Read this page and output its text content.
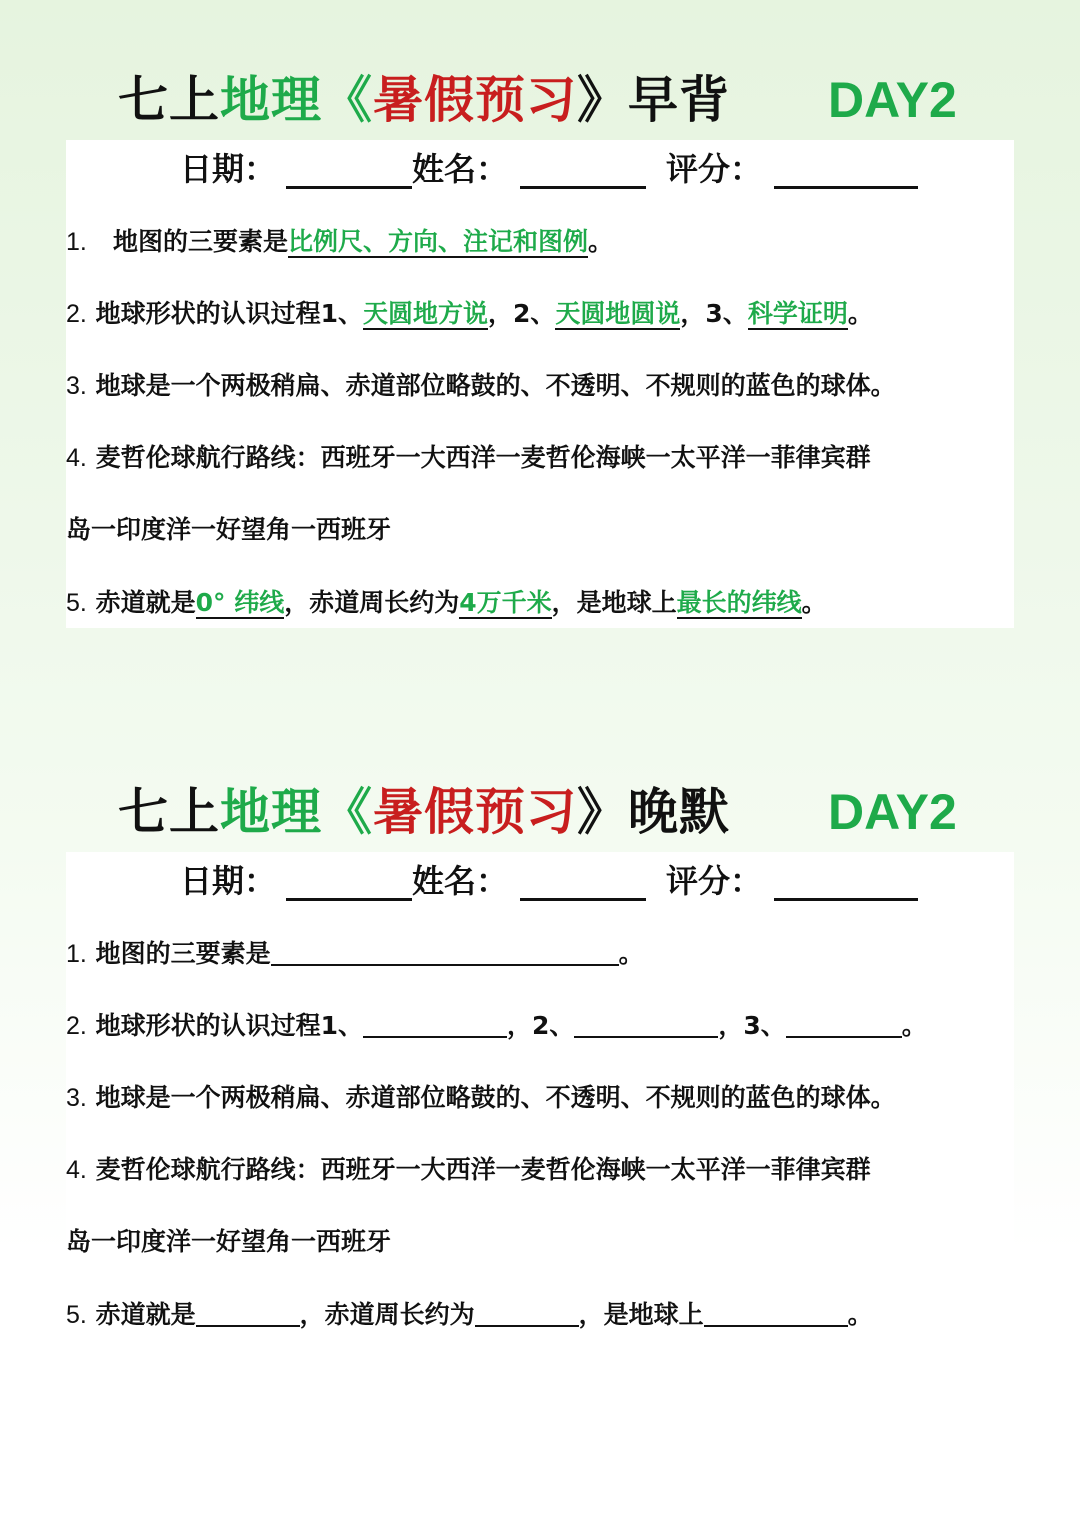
七上地理《暑假预习》早背 DAY2
日期：	姓名：	评分：
1. 地图的三要素是比例尺、方向、注记和图例。
2. 地球形状的认识过程1、天圆地方说，2、天圆地圆说，3、科学证明。
3. 地球是一个两极稍扁、赤道部位略鼓的、不透明、不规则的蓝色的球体。
4. 麦哲伦球航行路线：西班牙一大西洋一麦哲伦海峡一太平洋一菲律宾群
岛一印度洋一好望角一西班牙
5. 赤道就是0° 纬线，赤道周长约为4万千米，是地球上最长的纬线。
七上地理《暑假预习》晚默 DAY2
日期：	姓名：	评分：
1. 地图的三要素是	。
2. 地球形状的认识过程1、	，2、	，3、	。
3. 地球是一个两极稍扁、赤道部位略鼓的、不透明、不规则的蓝色的球体。
4. 麦哲伦球航行路线：西班牙一大西洋一麦哲伦海峡一太平洋一菲律宾群
岛一印度洋一好望角一西班牙
5. 赤道就是	，赤道周长约为	，是地球上	。
